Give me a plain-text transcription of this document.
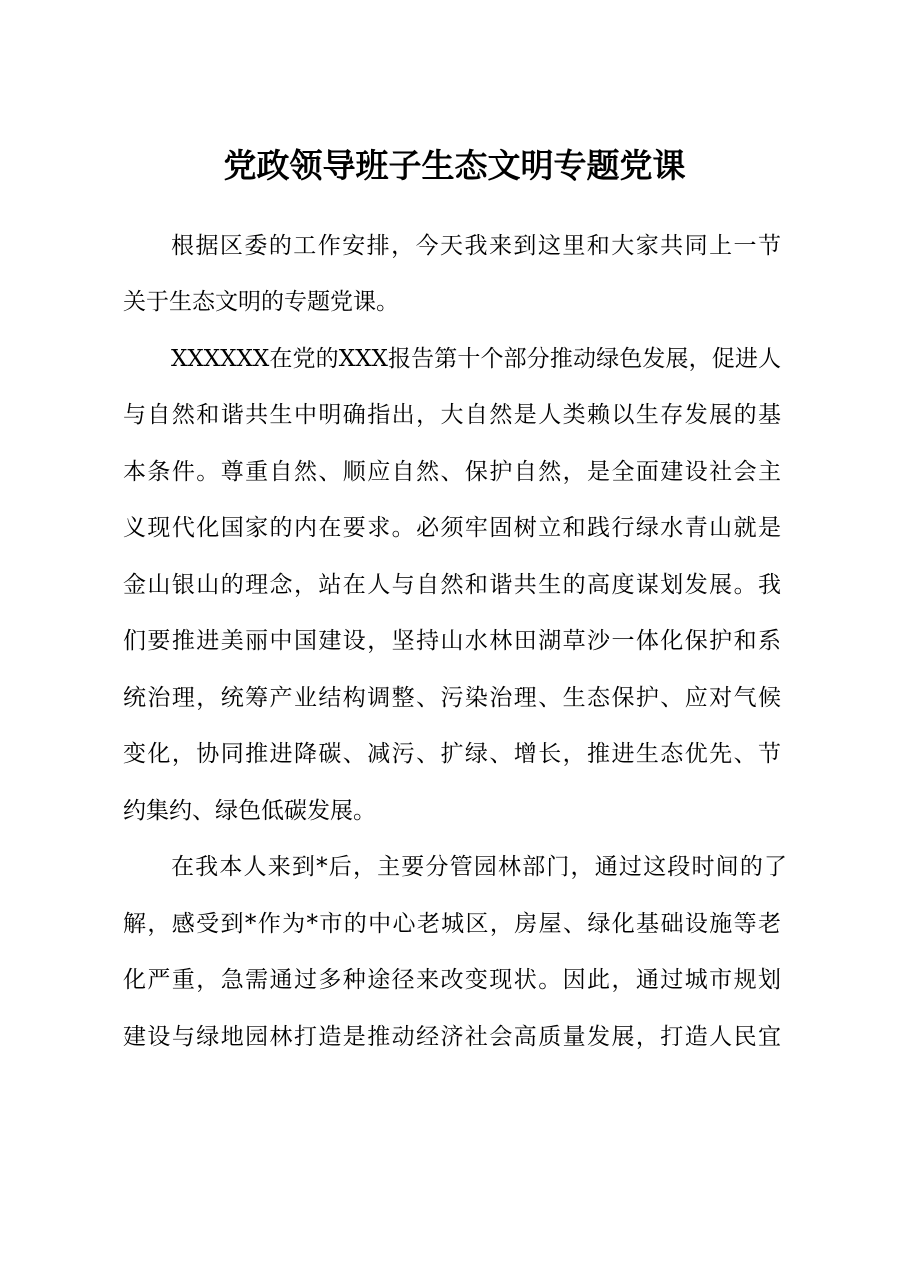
党政领导班子生态文明专题党课
根据区委的工作安排，今天我来到这里和大家共同上一节
关于生态文明的专题党课。
XXXXXX在党的XXX报告第十个部分推动绿色发展，促进人
与自然和谐共生中明确指出，大自然是人类赖以生存发展的基
本条件。尊重自然、顺应自然、保护自然，是全面建设社会主
义现代化国家的内在要求。必须牢固树立和践行绿水青山就是
金山银山的理念，站在人与自然和谐共生的高度谋划发展。我
们要推进美丽中国建设，坚持山水林田湖草沙一体化保护和系
统治理，统筹产业结构调整、污染治理、生态保护、应对气候
变化，协同推进降碳、减污、扩绿、增长，推进生态优先、节
约集约、绿色低碳发展。
在我本人来到*后，主要分管园林部门，通过这段时间的了
解，感受到*作为*市的中心老城区，房屋、绿化基础设施等老
化严重，急需通过多种途径来改变现状。因此，通过城市规划
建设与绿地园林打造是推动经济社会高质量发展，打造人民宜
